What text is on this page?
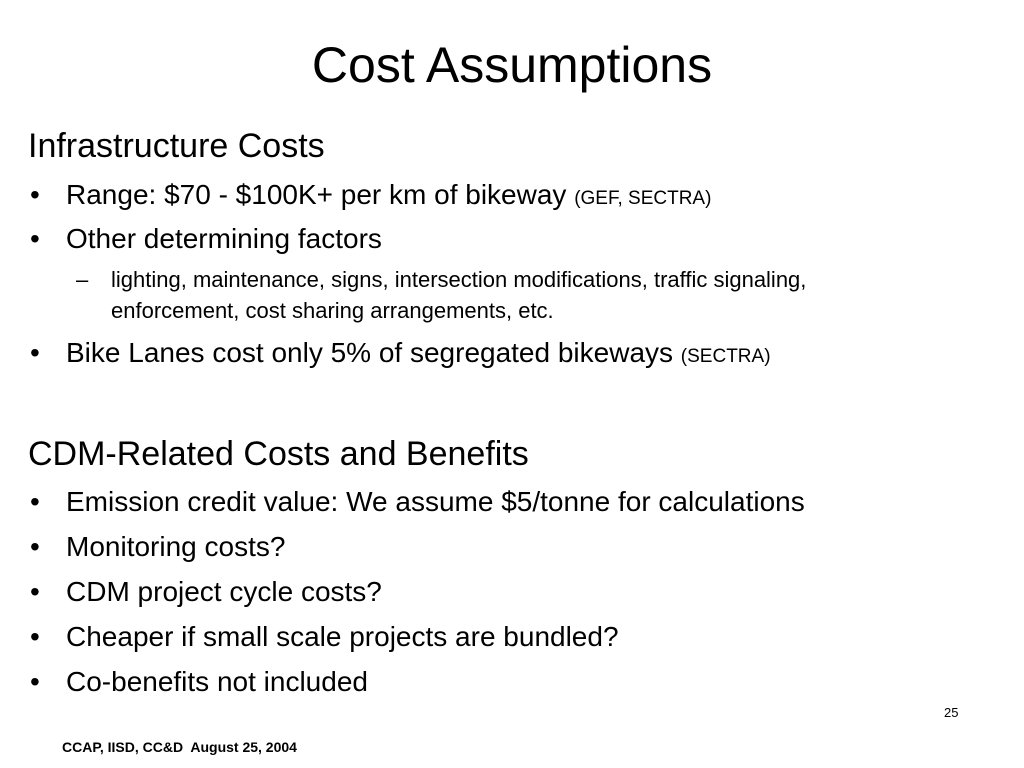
Cost Assumptions
Infrastructure Costs
• Range: $70 - $100K+ per km of bikeway (GEF, SECTRA)
• Other determining factors
– lighting, maintenance, signs, intersection modifications, traffic signaling,
enforcement, cost sharing arrangements, etc.
• Bike Lanes cost only 5% of segregated bikeways (SECTRA)
CDM-Related Costs and Benefits
• Emission credit value: We assume $5/tonne for calculations
• Monitoring costs?
• CDM project cycle costs?
• Cheaper if small scale projects are bundled?
• Co-benefits not included
25
CCAP, IISD, CC&D  August 25, 2004
